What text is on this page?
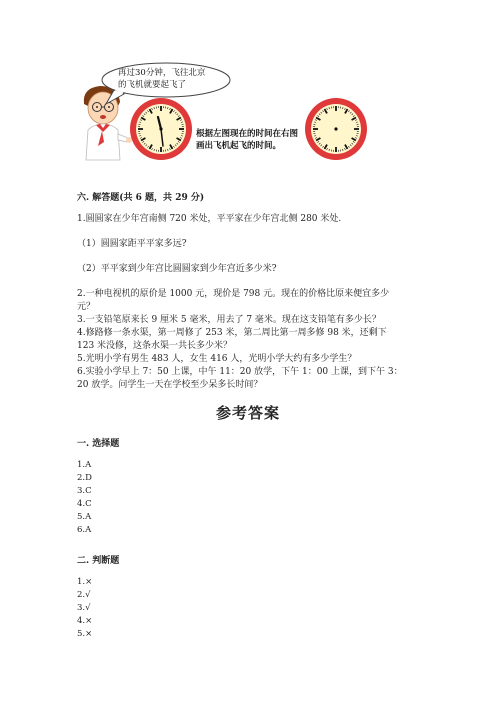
再过30分钟，飞往北京
的飞机就要起飞了
根据左图现在的时间在右图
画出飞机起飞的时间。
六. 解答题(共 6 题，共 29 分)
1.圆圆家在少年宫南侧 720 米处，平平家在少年宫北侧 280 米处.
（1）圆圆家距平平家多远?
（2）平平家到少年宫比圆圆家到少年宫近多少米?
2.一种电视机的原价是 1000 元，现价是 798 元。现在的价格比原来便宜多少
元？
3.一支铅笔原来长 9 厘米 5 毫米，用去了 7 毫米。现在这支铅笔有多少长？
4.修路修一条水渠，第一周修了 253 米，第二周比第一周多修 98 米，还剩下
123 米没修，这条水渠一共长多少米？
5.光明小学有男生 483 人，女生 416 人，光明小学大约有多少学生？
6.实验小学早上 7：50 上课，中午 11：20 放学，下午 1：00 上课，到下午 3：
20 放学。问学生一天在学校至少呆多长时间？
参考答案
一. 选择题
1.A
2.D
3.C
4.C
5.A
6.A
二. 判断题
1.×
2.√
3.√
4.×
5.×
